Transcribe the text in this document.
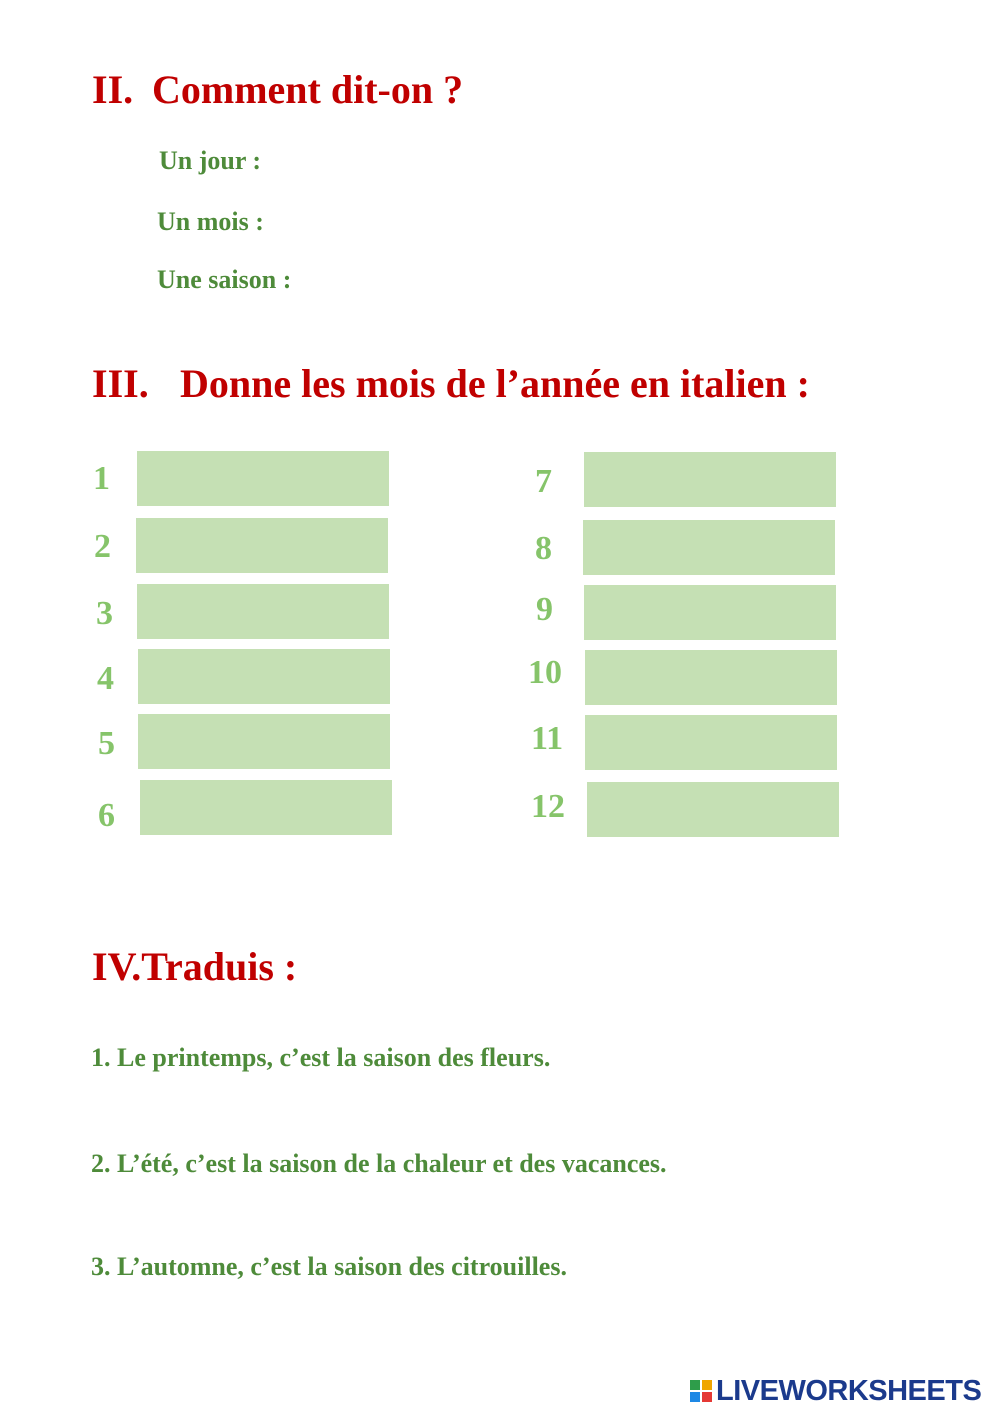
II. Comment dit-on ?
Un jour :
Un mois :
Une saison :
III. Donne les mois de l’année en italien :
1
2
3
4
5
6
7
8
9
10
11
12
IV.Traduis :
1. Le printemps, c’est la saison des fleurs.
2. L’été, c’est la saison de la chaleur et des vacances.
3. L’automne, c’est la saison des citrouilles.
LIVEWORKSHEETS
